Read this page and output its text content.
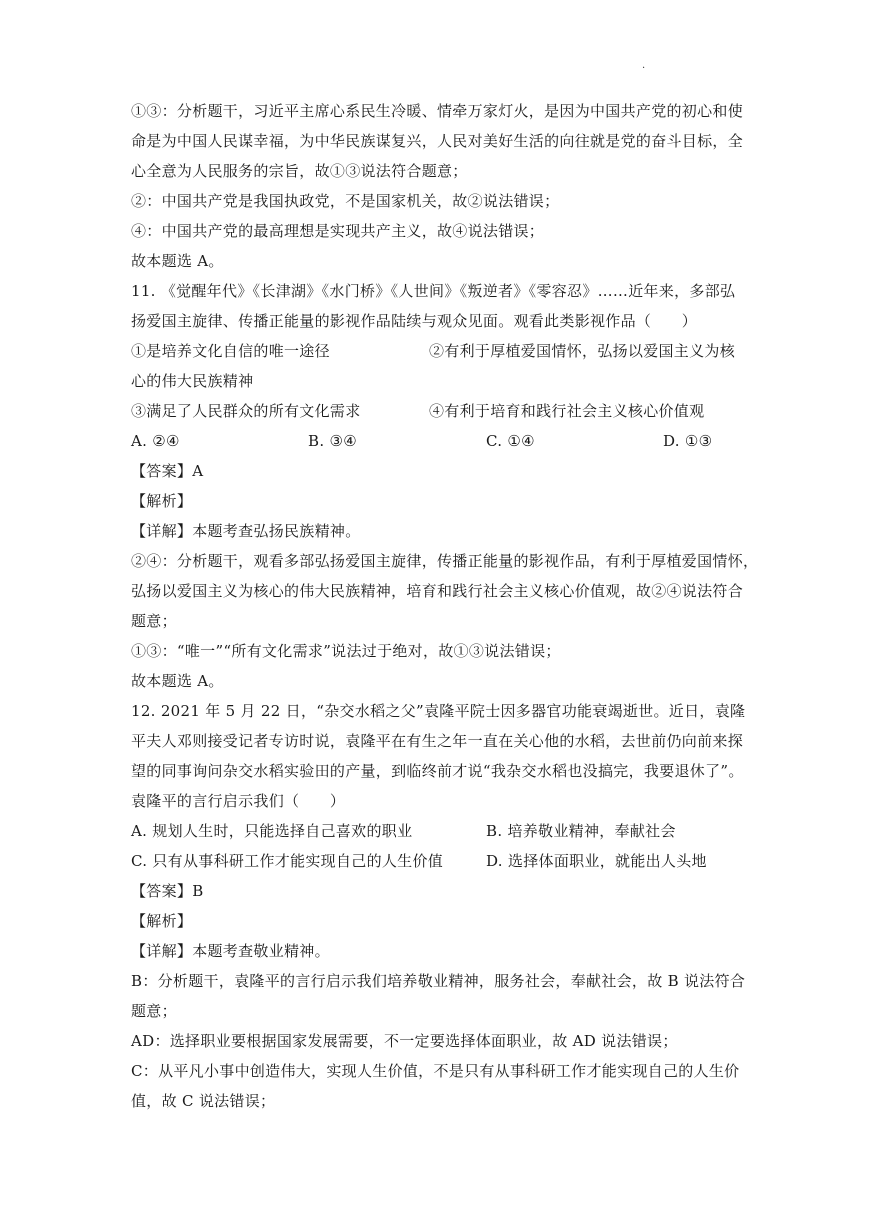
.
①③：分析题干，习近平主席心系民生冷暖、情牵万家灯火，是因为中国共产党的初心和使
命是为中国人民谋幸福，为中华民族谋复兴，人民对美好生活的向往就是党的奋斗目标，全
心全意为人民服务的宗旨，故①③说法符合题意；
②：中国共产党是我国执政党，不是国家机关，故②说法错误；
④：中国共产党的最高理想是实现共产主义，故④说法错误；
故本题选 A。
11. 《觉醒年代》《长津湖》《水门桥》《人世间》《叛逆者》《零容忍》……近年来，多部弘
扬爱国主旋律、传播正能量的影视作品陆续与观众见面。观看此类影视作品（　　）
①是培养文化自信的唯一途径	②有利于厚植爱国情怀，弘扬以爱国主义为核
心的伟大民族精神
③满足了人民群众的所有文化需求	④有利于培育和践行社会主义核心价值观
A. ②④	B. ③④	C. ①④	D. ①③
【答案】A
【解析】
【详解】本题考查弘扬民族精神。
②④：分析题干，观看多部弘扬爱国主旋律，传播正能量的影视作品，有利于厚植爱国情怀，
弘扬以爱国主义为核心的伟大民族精神，培育和践行社会主义核心价值观，故②④说法符合
题意；
①③：“唯一”“所有文化需求”说法过于绝对，故①③说法错误；
故本题选 A。
12. 2021 年 5 月 22 日，“杂交水稻之父”袁隆平院士因多器官功能衰竭逝世。近日，袁隆
平夫人邓则接受记者专访时说，袁隆平在有生之年一直在关心他的水稻，去世前仍向前来探
望的同事询问杂交水稻实验田的产量，到临终前才说“我杂交水稻也没搞完，我要退休了”。
袁隆平的言行启示我们（　　）
A. 规划人生时，只能选择自己喜欢的职业	B. 培养敬业精神，奉献社会
C. 只有从事科研工作才能实现自己的人生价值	D. 选择体面职业，就能出人头地
【答案】B
【解析】
【详解】本题考查敬业精神。
B：分析题干，袁隆平的言行启示我们培养敬业精神，服务社会，奉献社会，故 B 说法符合
题意；
AD：选择职业要根据国家发展需要，不一定要选择体面职业，故 AD 说法错误；
C：从平凡小事中创造伟大，实现人生价值，不是只有从事科研工作才能实现自己的人生价
值，故 C 说法错误；
